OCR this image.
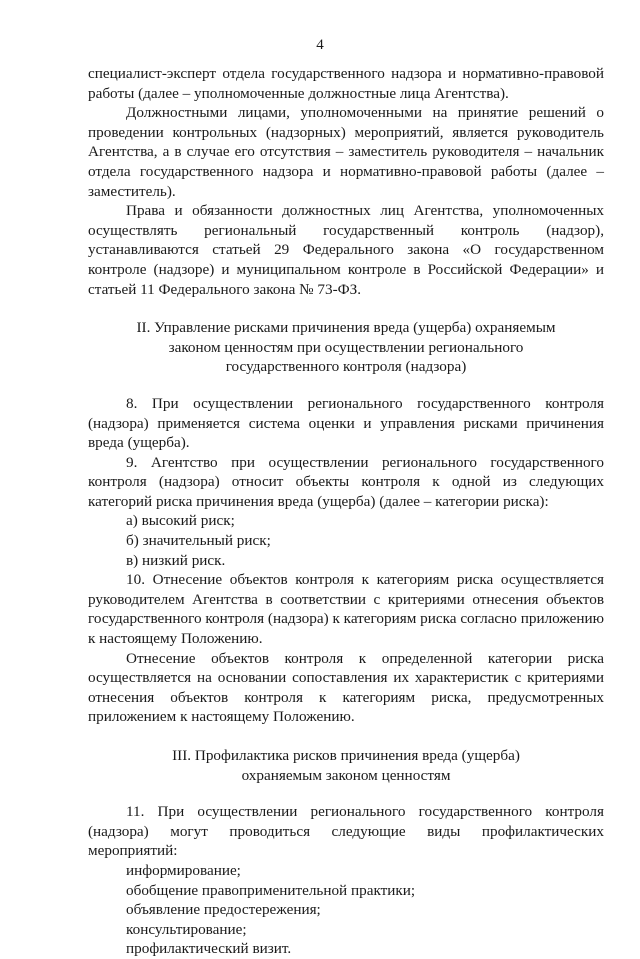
4

специалист-эксперт отдела государственного надзора и нормативно-правовой работы (далее – уполномоченные должностные лица Агентства).

Должностными лицами, уполномоченными на принятие решений о проведении контрольных (надзорных) мероприятий, является руководитель Агентства, а в случае его отсутствия – заместитель руководителя – начальник отдела государственного надзора и нормативно-правовой работы (далее – заместитель).

Права и обязанности должностных лиц Агентства, уполномоченных осуществлять региональный государственный контроль (надзор), устанавливаются статьей 29 Федерального закона «О государственном контроле (надзоре) и муниципальном контроле в Российской Федерации» и статьей 11 Федерального закона № 73-ФЗ.

II. Управление рисками причинения вреда (ущерба) охраняемым
законом ценностям при осуществлении регионального
государственного контроля (надзора)

8. При осуществлении регионального государственного контроля (надзора) применяется система оценки и управления рисками причинения вреда (ущерба).

9. Агентство при осуществлении регионального государственного контроля (надзора) относит объекты контроля к одной из следующих категорий риска причинения вреда (ущерба) (далее – категории риска):

а) высокий риск;

б) значительный риск;

в) низкий риск.

10. Отнесение объектов контроля к категориям риска осуществляется руководителем Агентства в соответствии с критериями отнесения объектов государственного контроля (надзора) к категориям риска согласно приложению к настоящему Положению.

Отнесение объектов контроля к определенной категории риска осуществляется на основании сопоставления их характеристик с критериями отнесения объектов контроля к категориям риска, предусмотренных приложением к настоящему Положению.

III. Профилактика рисков причинения вреда (ущерба)
охраняемым законом ценностям

11. При осуществлении регионального государственного контроля (надзора) могут проводиться следующие виды профилактических мероприятий:

информирование;

обобщение правоприменительной практики;

объявление предостережения;

консультирование;

профилактический визит.
